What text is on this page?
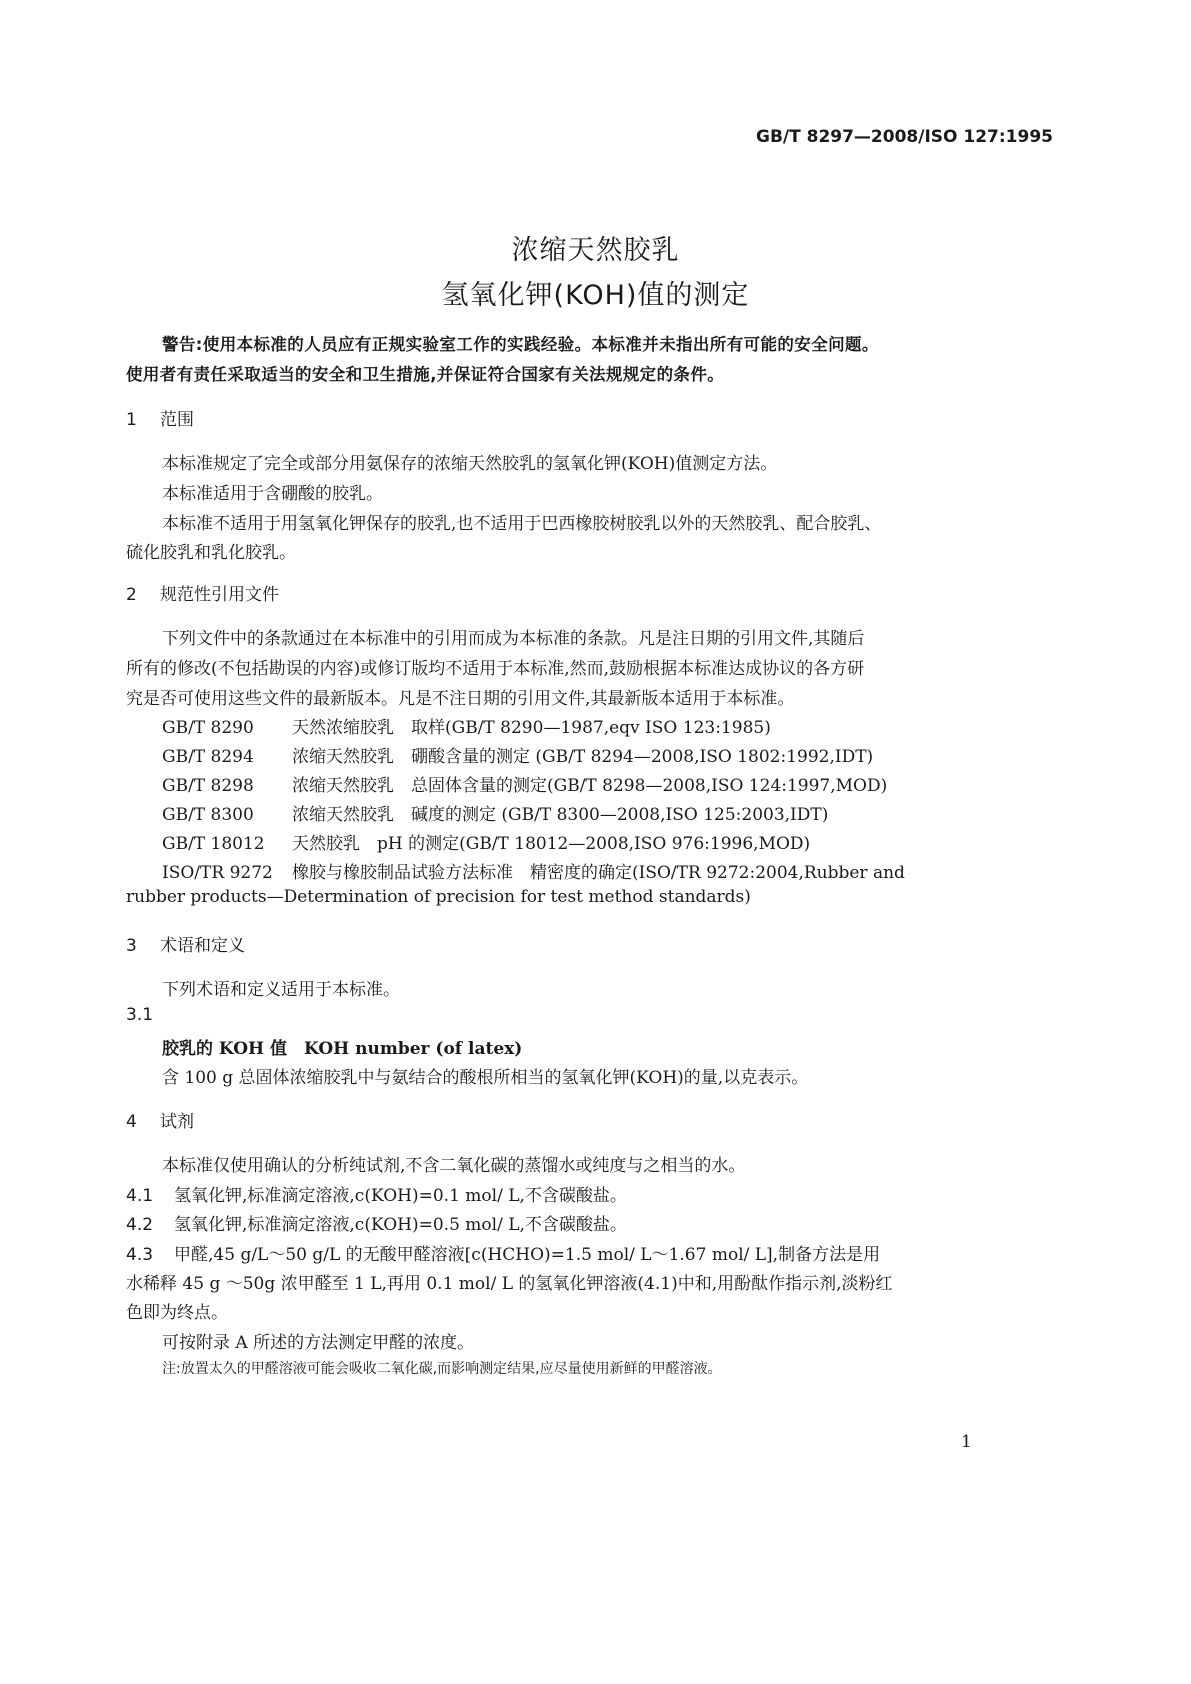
GB/T 8297—2008/ISO 127:1995
浓缩天然胶乳
氢氧化钾(KOH)值的测定
警告:使用本标准的人员应有正规实验室工作的实践经验。本标准并未指出所有可能的安全问题。
使用者有责任采取适当的安全和卫生措施,并保证符合国家有关法规规定的条件。
1 范围
本标准规定了完全或部分用氨保存的浓缩天然胶乳的氢氧化钾(KOH)值测定方法。
本标准适用于含硼酸的胶乳。
本标准不适用于用氢氧化钾保存的胶乳,也不适用于巴西橡胶树胶乳以外的天然胶乳、配合胶乳、
硫化胶乳和乳化胶乳。
2 规范性引用文件
下列文件中的条款通过在本标准中的引用而成为本标准的条款。凡是注日期的引用文件,其随后
所有的修改(不包括勘误的内容)或修订版均不适用于本标准,然而,鼓励根据本标准达成协议的各方研
究是否可使用这些文件的最新版本。凡是不注日期的引用文件,其最新版本适用于本标准。
GB/T 8290 天然浓缩胶乳　取样(GB/T 8290—1987,eqv ISO 123:1985)
GB/T 8294 浓缩天然胶乳　硼酸含量的测定 (GB/T 8294—2008,ISO 1802:1992,IDT)
GB/T 8298 浓缩天然胶乳　总固体含量的测定(GB/T 8298—2008,ISO 124:1997,MOD)
GB/T 8300 浓缩天然胶乳　碱度的测定 (GB/T 8300—2008,ISO 125:2003,IDT)
GB/T 18012 天然胶乳　pH 的测定(GB/T 18012—2008,ISO 976:1996,MOD)
ISO/TR 9272 橡胶与橡胶制品试验方法标准　精密度的确定(ISO/TR 9272:2004,Rubber and
rubber products—Determination of precision for test method standards)
3 术语和定义
下列术语和定义适用于本标准。
3.1
胶乳的 KOH 值　KOH number (of latex)
含 100 g 总固体浓缩胶乳中与氨结合的酸根所相当的氢氧化钾(KOH)的量,以克表示。
4 试剂
本标准仅使用确认的分析纯试剂,不含二氧化碳的蒸馏水或纯度与之相当的水。
4.1 氢氧化钾,标准滴定溶液,c(KOH)=0.1 mol/ L,不含碳酸盐。
4.2 氢氧化钾,标准滴定溶液,c(KOH)=0.5 mol/ L,不含碳酸盐。
4.3 甲醛,45 g/L～50 g/L 的无酸甲醛溶液[c(HCHO)=1.5 mol/ L～1.67 mol/ L],制备方法是用
水稀释 45 g ～50g 浓甲醛至 1 L,再用 0.1 mol/ L 的氢氧化钾溶液(4.1)中和,用酚酞作指示剂,淡粉红
色即为终点。
可按附录 A 所述的方法测定甲醛的浓度。
注:放置太久的甲醛溶液可能会吸收二氧化碳,而影响测定结果,应尽量使用新鲜的甲醛溶液。
1
